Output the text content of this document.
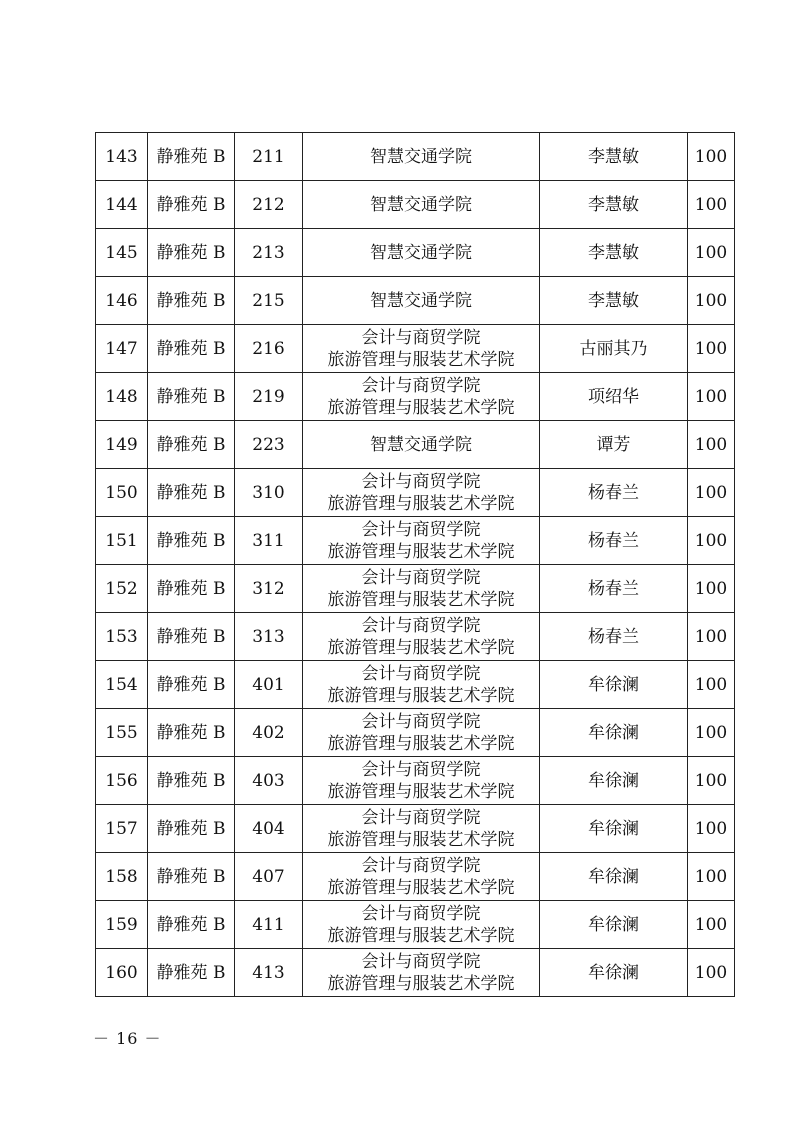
143	静雅苑 B	211	智慧交通学院	李慧敏	100
144	静雅苑 B	212	智慧交通学院	李慧敏	100
145	静雅苑 B	213	智慧交通学院	李慧敏	100
146	静雅苑 B	215	智慧交通学院	李慧敏	100
147	静雅苑 B	216	会计与商贸学院
旅游管理与服装艺术学院	古丽其乃	100
148	静雅苑 B	219	会计与商贸学院
旅游管理与服装艺术学院	项绍华	100
149	静雅苑 B	223	智慧交通学院	谭芳	100
150	静雅苑 B	310	会计与商贸学院
旅游管理与服装艺术学院	杨春兰	100
151	静雅苑 B	311	会计与商贸学院
旅游管理与服装艺术学院	杨春兰	100
152	静雅苑 B	312	会计与商贸学院
旅游管理与服装艺术学院	杨春兰	100
153	静雅苑 B	313	会计与商贸学院
旅游管理与服装艺术学院	杨春兰	100
154	静雅苑 B	401	会计与商贸学院
旅游管理与服装艺术学院	牟徐澜	100
155	静雅苑 B	402	会计与商贸学院
旅游管理与服装艺术学院	牟徐澜	100
156	静雅苑 B	403	会计与商贸学院
旅游管理与服装艺术学院	牟徐澜	100
157	静雅苑 B	404	会计与商贸学院
旅游管理与服装艺术学院	牟徐澜	100
158	静雅苑 B	407	会计与商贸学院
旅游管理与服装艺术学院	牟徐澜	100
159	静雅苑 B	411	会计与商贸学院
旅游管理与服装艺术学院	牟徐澜	100
160	静雅苑 B	413	会计与商贸学院
旅游管理与服装艺术学院	牟徐澜	100
－ 16 －
